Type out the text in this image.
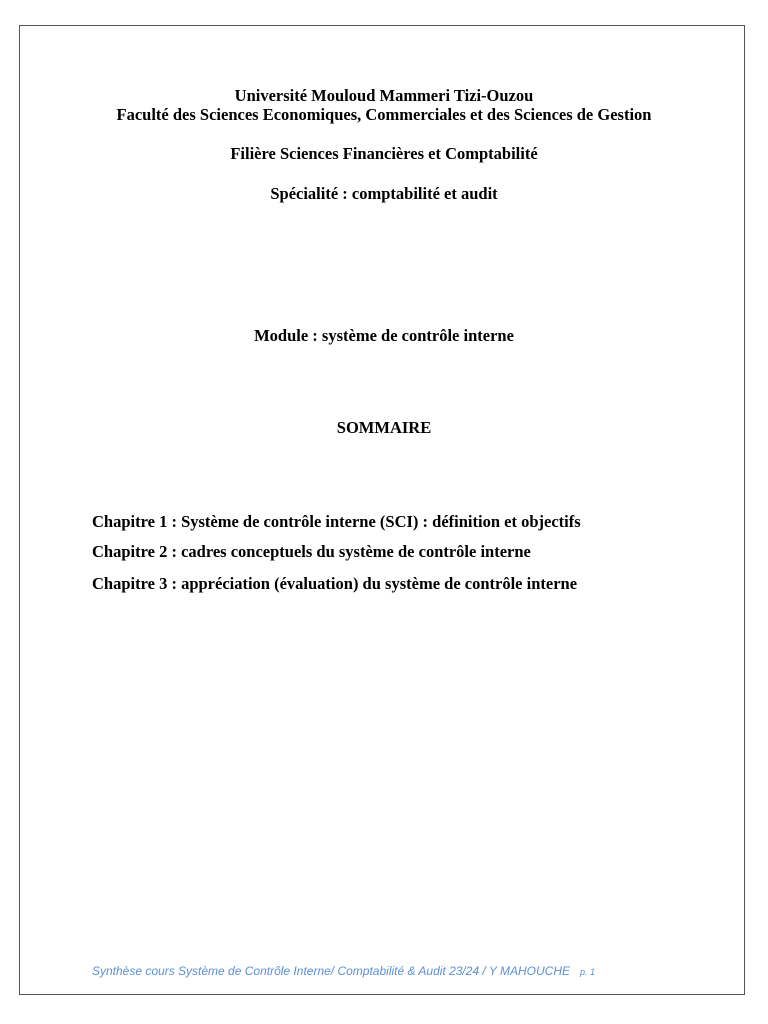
Université Mouloud Mammeri Tizi-Ouzou
Faculté des Sciences Economiques, Commerciales et des Sciences de Gestion
Filière Sciences Financières et Comptabilité
Spécialité : comptabilité et audit
Module : système de contrôle interne
SOMMAIRE
Chapitre 1 : Système de contrôle interne (SCI) : définition et objectifs
Chapitre 2 : cadres conceptuels du système de contrôle interne
Chapitre 3 : appréciation (évaluation) du système de contrôle interne
Synthèse cours Système de Contrôle Interne/ Comptabilité & Audit 23/24 / Y MAHOUCHE p. 1
